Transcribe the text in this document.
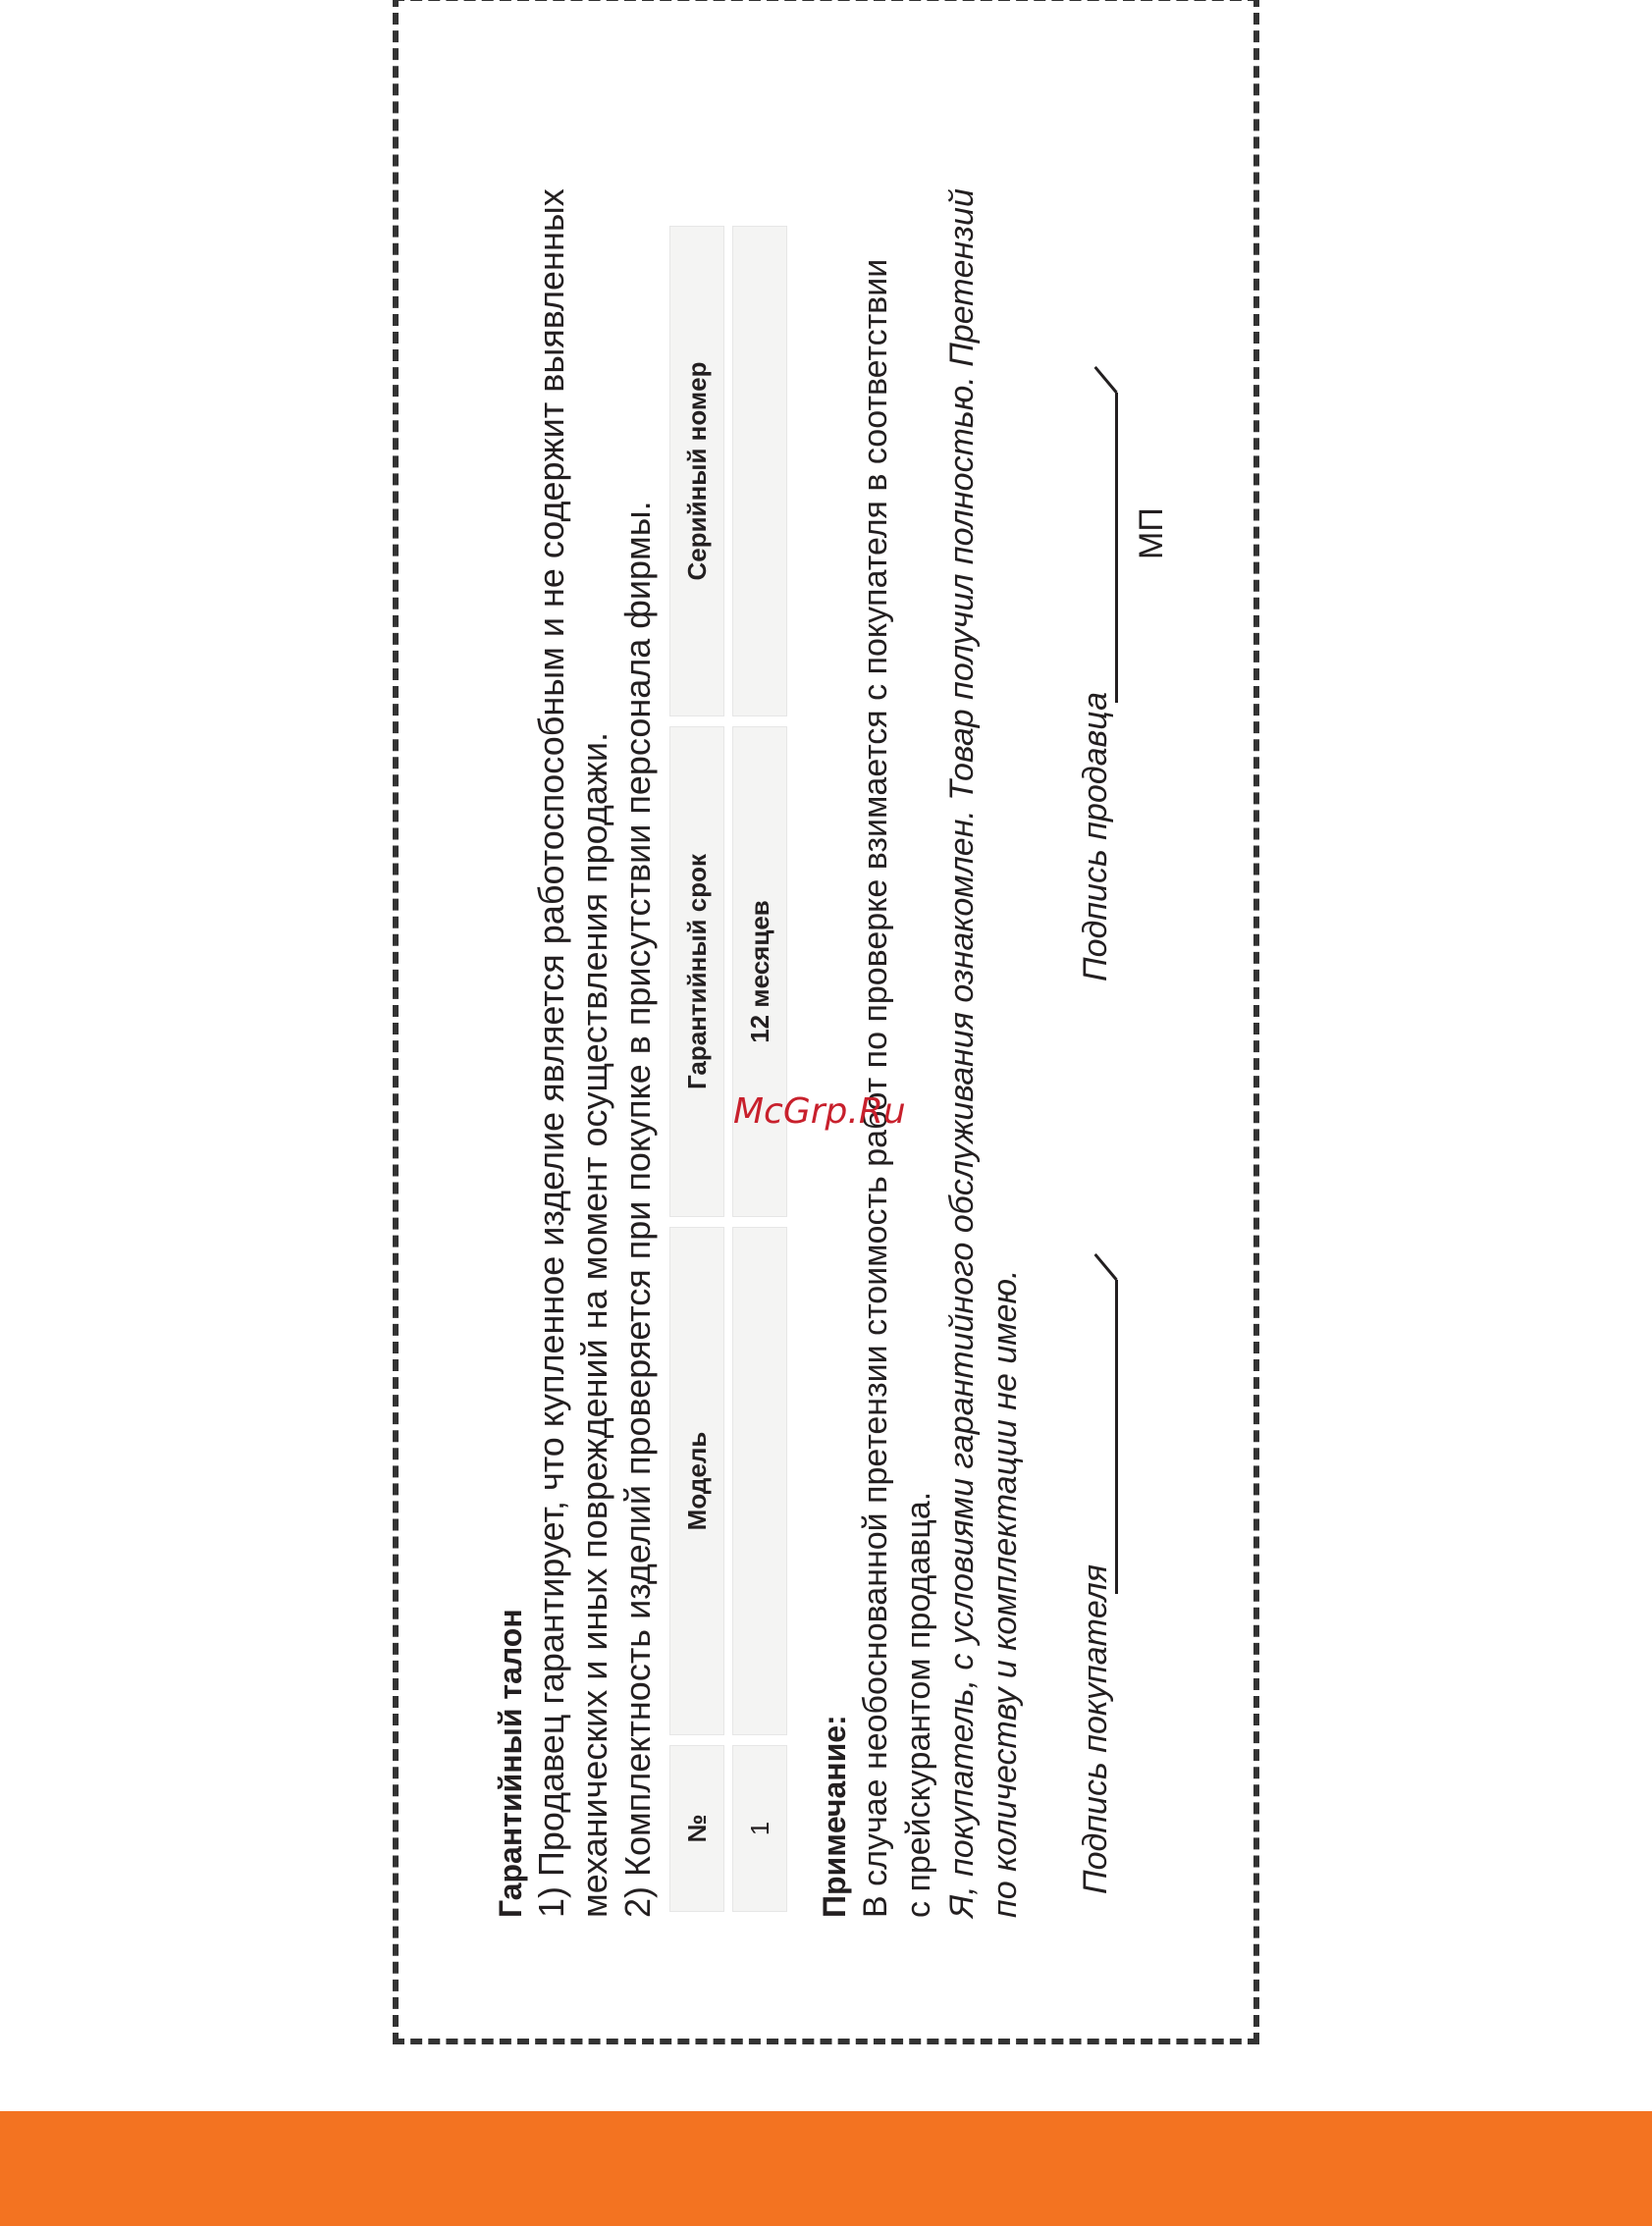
Гарантийный талон 1) Продавец гарантирует, что купленное изделие является работоспособным и не содержит выявленных механических и иных повреждений на момент осуществления продажи. 2) Комплектность изделий проверяется при покупке в присутствии персонала фирмы. №
Модель
Гарантийный срок
Серийный номер
1
12 месяцев
Примечание: В случае необоснованной претензии стоимость работ по проверке взимается с покупателя в соответствии с прейскурантом продавца. Я, покупатель, с условиями гарантийного обслуживания ознакомлен. Товар получил полностью. Претензий по количеству и комплектации не имею. Подпись покупателя
Подпись продавца
МП
McGrp.Ru
